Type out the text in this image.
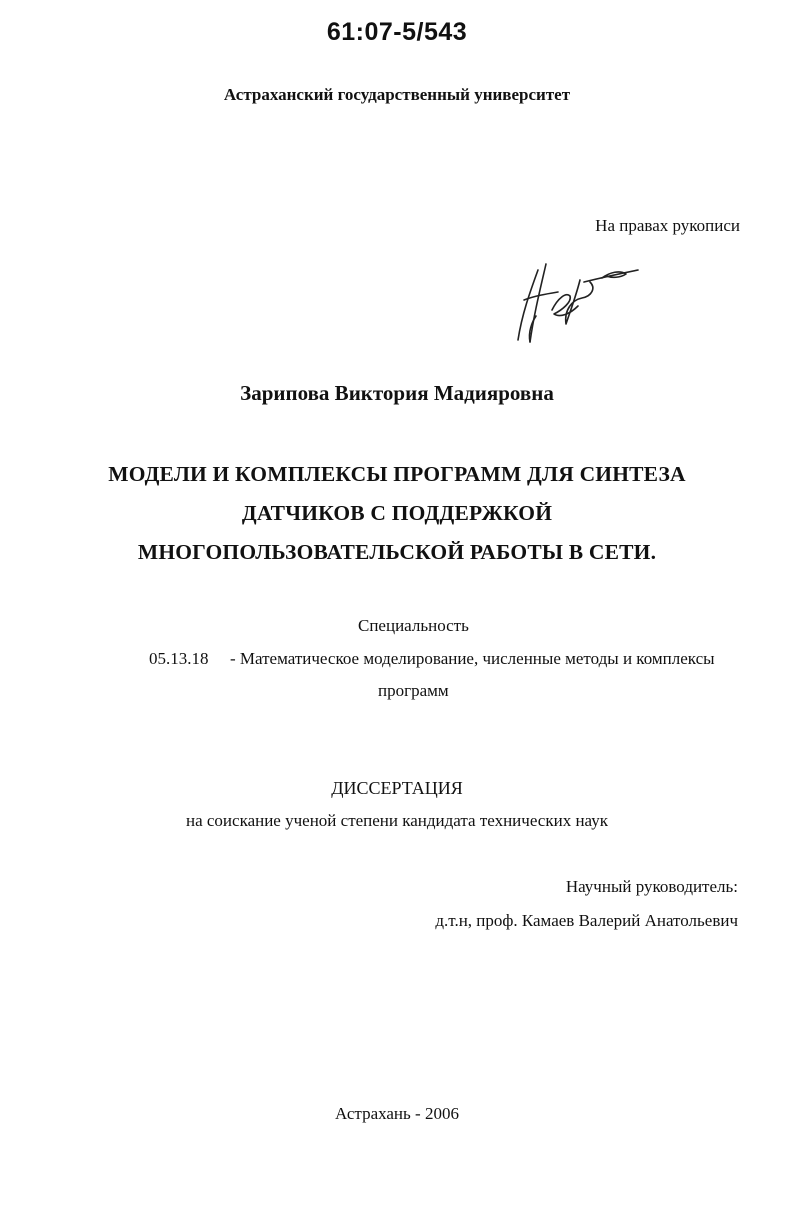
61:07-5/543
Астраханский государственный университет
На правах рукописи
Зарипова Виктория Мадияровна
МОДЕЛИ И КОМПЛЕКСЫ ПРОГРАММ ДЛЯ СИНТЕЗА
ДАТЧИКОВ С ПОДДЕРЖКОЙ
МНОГОПОЛЬЗОВАТЕЛЬСКОЙ РАБОТЫ В СЕТИ.
Специальность
05.13.18 - Математическое моделирование, численные методы и комплексы
программ
ДИССЕРТАЦИЯ
на соискание ученой степени кандидата технических наук
Научный руководитель:
д.т.н, проф. Камаев Валерий Анатольевич
Астрахань - 2006
